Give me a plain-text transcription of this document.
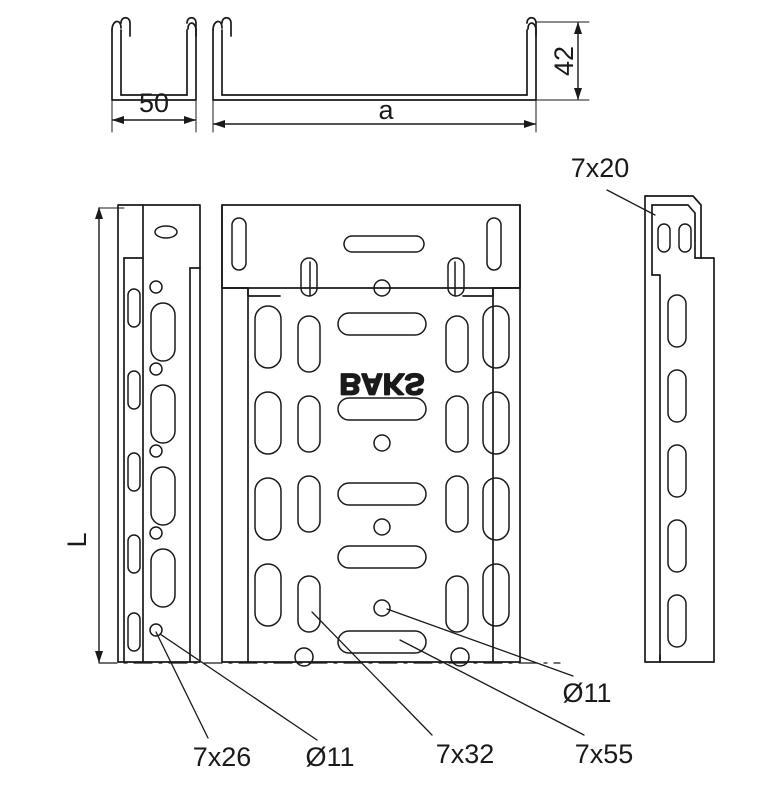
BAKS
50	a
42
L
7x20
7x26 Ø11	7x32	7x55
Ø11
